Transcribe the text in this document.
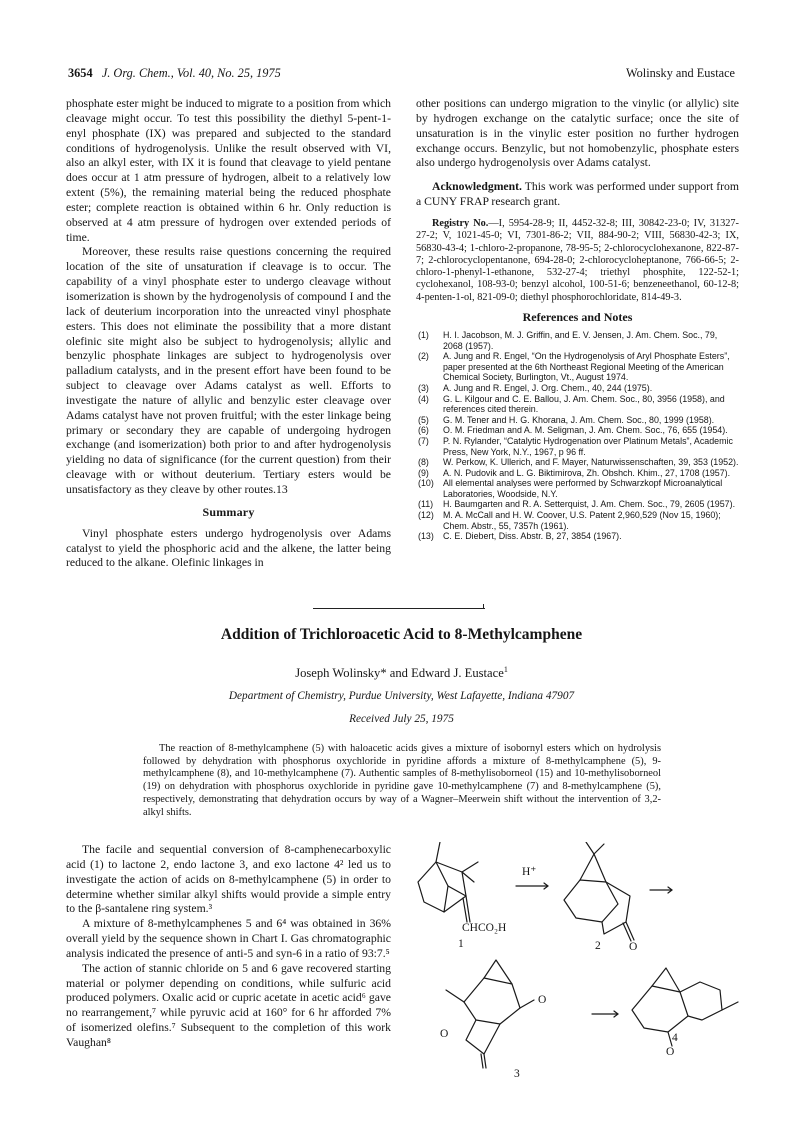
3654 J. Org. Chem., Vol. 40, No. 25, 1975	Wolinsky and Eustace

phosphate ester might be induced to migrate to a position from which cleavage might occur. To test this possibility the diethyl 5-pent-1-enyl phosphate (IX) was prepared and subjected to the standard conditions of hydrogenolysis. Unlike the result observed with VI, also an alkyl ester, with IX it is found that cleavage to yield pentane does occur at 1 atm pressure of hydrogen, albeit to a relatively low extent (5%), the remaining material being the reduced phosphate ester; complete reaction is obtained within 6 hr. Only reduction is observed at 4 atm pressure of hydrogen over extended periods of time.

Moreover, these results raise questions concerning the required location of the site of unsaturation if cleavage is to occur. The capability of a vinyl phosphate ester to undergo cleavage without isomerization is shown by the hydrogenolysis of compound I and the lack of deuterium incorporation into the unreacted vinyl phosphate esters. This does not eliminate the possibility that a more distant olefinic site might also be subject to hydrogenolysis; allylic and benzylic phosphate linkages are subject to hydrogenolysis over palladium catalysts, and in the present effort have been found to be subject to cleavage over Adams catalyst as well. Efforts to investigate the nature of allylic and benzylic ester cleavage over Adams catalyst have not proven fruitful; with the ester linkage being primary or secondary they are capable of undergoing hydrogen exchange (and isomerization) both prior to and after hydrogenolysis yielding no data of significance (for the current question) from their cleavage with or without deuterium. Tertiary esters would be unsatisfactory as they cleave by other routes.13

Summary

Vinyl phosphate esters undergo hydrogenolysis over Adams catalyst to yield the phosphoric acid and the alkene, the latter being reduced to the alkane. Olefinic linkages in

other positions can undergo migration to the vinylic (or allylic) site by hydrogen exchange on the catalytic surface; once the site of unsaturation is in the vinylic ester position no further hydrogen exchange occurs. Benzylic, but not homobenzylic, phosphate esters also undergo hydrogenolysis over Adams catalyst.

Acknowledgment. This work was performed under support from a CUNY FRAP research grant.

Registry No.—I, 5954-28-9; II, 4452-32-8; III, 30842-23-0; IV, 31327-27-2; V, 1021-45-0; VI, 7301-86-2; VII, 884-90-2; VIII, 56830-42-3; IX, 56830-43-4; 1-chloro-2-propanone, 78-95-5; 2-chlorocyclohexanone, 822-87-7; 2-chlorocyclopentanone, 694-28-0; 2-chlorocycloheptanone, 766-66-5; 2-chloro-1-phenyl-1-ethanone, 532-27-4; triethyl phosphite, 122-52-1; cyclohexanol, 108-93-0; benzyl alcohol, 100-51-6; benzeneethanol, 60-12-8; 4-penten-1-ol, 821-09-0; diethyl phosphorochloridate, 814-49-3.

References and Notes
(1) H. I. Jacobson, M. J. Griffin, and E. V. Jensen, J. Am. Chem. Soc., 79, 2068 (1957).
(2) A. Jung and R. Engel, “On the Hydrogenolysis of Aryl Phosphate Esters”, paper presented at the 6th Northeast Regional Meeting of the American Chemical Society, Burlington, Vt., August 1974.
(3) A. Jung and R. Engel, J. Org. Chem., 40, 244 (1975).
(4) G. L. Kilgour and C. E. Ballou, J. Am. Chem. Soc., 80, 3956 (1958), and references cited therein.
(5) G. M. Tener and H. G. Khorana, J. Am. Chem. Soc., 80, 1999 (1958).
(6) O. M. Friedman and A. M. Seligman, J. Am. Chem. Soc., 76, 655 (1954).
(7) P. N. Rylander, “Catalytic Hydrogenation over Platinum Metals”, Academic Press, New York, N.Y., 1967, p 96 ff.
(8) W. Perkow, K. Ullerich, and F. Mayer, Naturwissenschaften, 39, 353 (1952).
(9) A. N. Pudovik and L. G. Biktimirova, Zh. Obshch. Khim., 27, 1708 (1957).
(10) All elemental analyses were performed by Schwarzkopf Microanalytical Laboratories, Woodside, N.Y.
(11) H. Baumgarten and R. A. Setterquist, J. Am. Chem. Soc., 79, 2605 (1957).
(12) M. A. McCall and H. W. Coover, U.S. Patent 2,960,529 (Nov 15, 1960); Chem. Abstr., 55, 7357h (1961).
(13) C. E. Diebert, Diss. Abstr. B, 27, 3854 (1967).
Addition of Trichloroacetic Acid to 8-Methylcamphene
Joseph Wolinsky* and Edward J. Eustace$^1$
Department of Chemistry, Purdue University, West Lafayette, Indiana 47907
Received July 25, 1975

The reaction of 8-methylcamphene (5) with haloacetic acids gives a mixture of isobornyl esters which on hydrolysis followed by dehydration with phosphorus oxychloride in pyridine affords a mixture of 8-methylcamphene (5), 9-methylcamphene (8), and 10-methylcamphene (7). Authentic samples of 8-methylisoborneol (15) and 10-methylisoborneol (19) on dehydration with phosphorus oxychloride in pyridine gave 10-methylcamphene (7) and 8-methylcamphene (5), respectively, demonstrating that dehydration occurs by way of a Wagner–Meerwein shift without the intervention of 3,2-alkyl shifts.

The facile and sequential conversion of 8-camphenecarboxylic acid (1) to lactone 2, endo lactone 3, and exo lactone 4² led us to investigate the action of acids on 8-methylcamphene (5) in order to determine whether similar alkyl shifts would provide a simple entry to the β-santalene ring system.³

A mixture of 8-methylcamphenes 5 and 6⁴ was obtained in 36% overall yield by the sequence shown in Chart I. Gas chromatographic analysis indicated the presence of anti-5 and syn-6 in a ratio of 93:7.⁵

The action of stannic chloride on 5 and 6 gave recovered starting material or polymer depending on conditions, while sulfuric acid produced polymers. Oxalic acid or cupric acetate in acetic acid⁶ gave no rearrangement,⁷ while pyruvic acid at 160° for 6 hr afforded 7% of isomerized olefins.⁷ Subsequent to the completion of this work Vaughan⁸

H⁺
CHCO₂H
1	O
2
O
O
3
O
4
